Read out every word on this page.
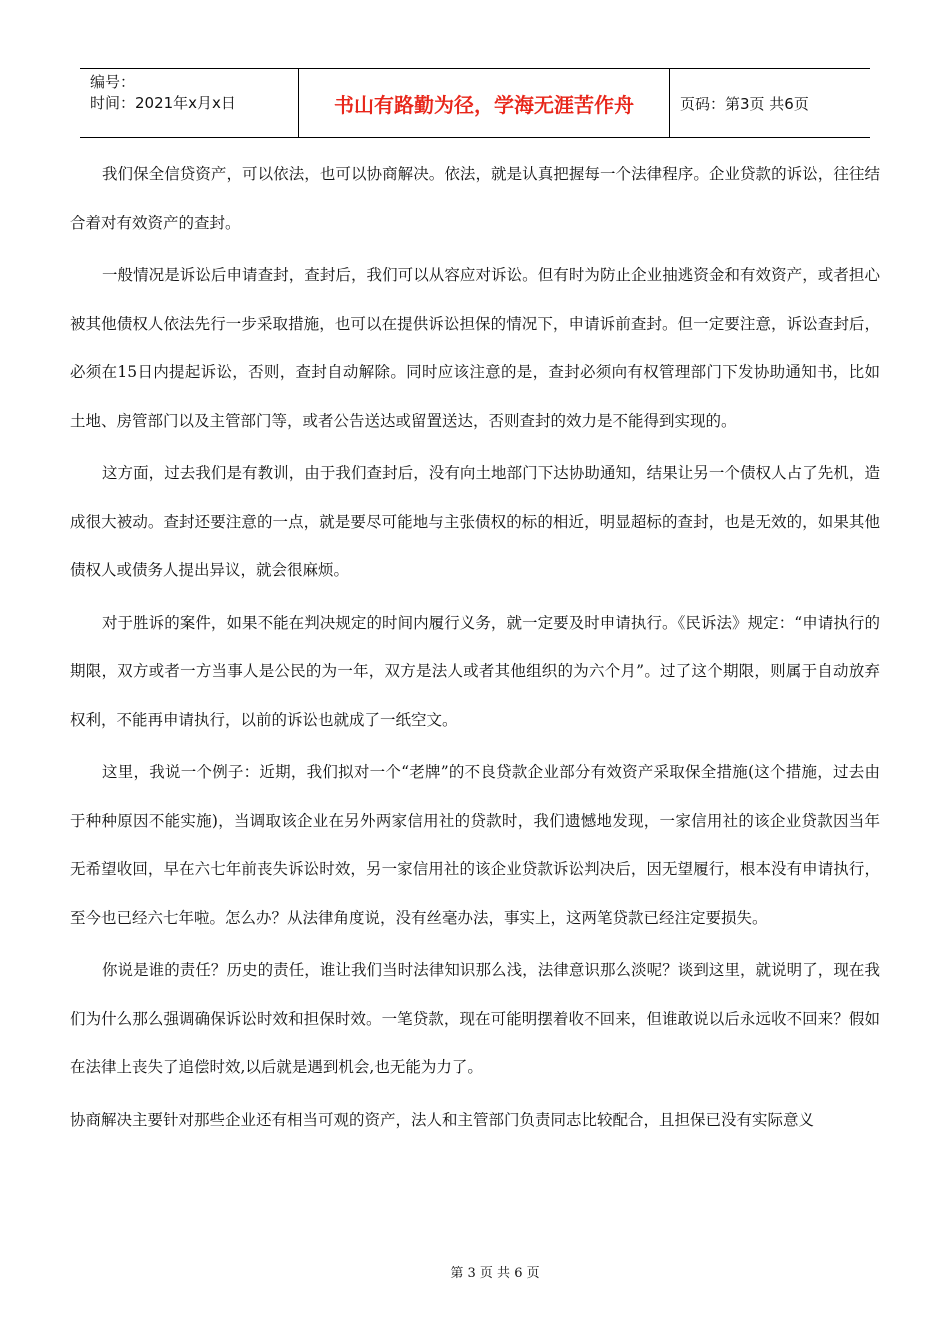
编号：
时间：2021年x月x日	书山有路勤为径，学海无涯苦作舟	页码：第3页 共6页

我们保全信贷资产，可以依法，也可以协商解决。依法，就是认真把握每一个法律程序。企业贷款的诉讼，往往结合着对有效资产的查封。

一般情况是诉讼后申请查封，查封后，我们可以从容应对诉讼。但有时为防止企业抽逃资金和有效资产，或者担心被其他债权人依法先行一步采取措施，也可以在提供诉讼担保的情况下，申请诉前查封。但一定要注意，诉讼查封后，必须在15日内提起诉讼，否则，查封自动解除。同时应该注意的是，查封必须向有权管理部门下发协助通知书，比如土地、房管部门以及主管部门等，或者公告送达或留置送达，否则查封的效力是不能得到实现的。

这方面，过去我们是有教训，由于我们查封后，没有向土地部门下达协助通知，结果让另一个债权人占了先机，造成很大被动。查封还要注意的一点，就是要尽可能地与主张债权的标的相近，明显超标的查封，也是无效的，如果其他债权人或债务人提出异议，就会很麻烦。

对于胜诉的案件，如果不能在判决规定的时间内履行义务，就一定要及时申请执行。《民诉法》规定：“申请执行的期限，双方或者一方当事人是公民的为一年，双方是法人或者其他组织的为六个月”。过了这个期限，则属于自动放弃权利，不能再申请执行，以前的诉讼也就成了一纸空文。

这里，我说一个例子：近期，我们拟对一个“老牌”的不良贷款企业部分有效资产采取保全措施(这个措施，过去由于种种原因不能实施)，当调取该企业在另外两家信用社的贷款时，我们遗憾地发现，一家信用社的该企业贷款因当年无希望收回，早在六七年前丧失诉讼时效，另一家信用社的该企业贷款诉讼判决后，因无望履行，根本没有申请执行，至今也已经六七年啦。怎么办？从法律角度说，没有丝毫办法，事实上，这两笔贷款已经注定要损失。

你说是谁的责任？历史的责任，谁让我们当时法律知识那么浅，法律意识那么淡呢？谈到这里，就说明了，现在我们为什么那么强调确保诉讼时效和担保时效。一笔贷款，现在可能明摆着收不回来，但谁敢说以后永远收不回来？假如在法律上丧失了追偿时效,以后就是遇到机会,也无能为力了。

协商解决主要针对那些企业还有相当可观的资产，法人和主管部门负责同志比较配合，且担保已没有实际意义

第 3 页 共 6 页
